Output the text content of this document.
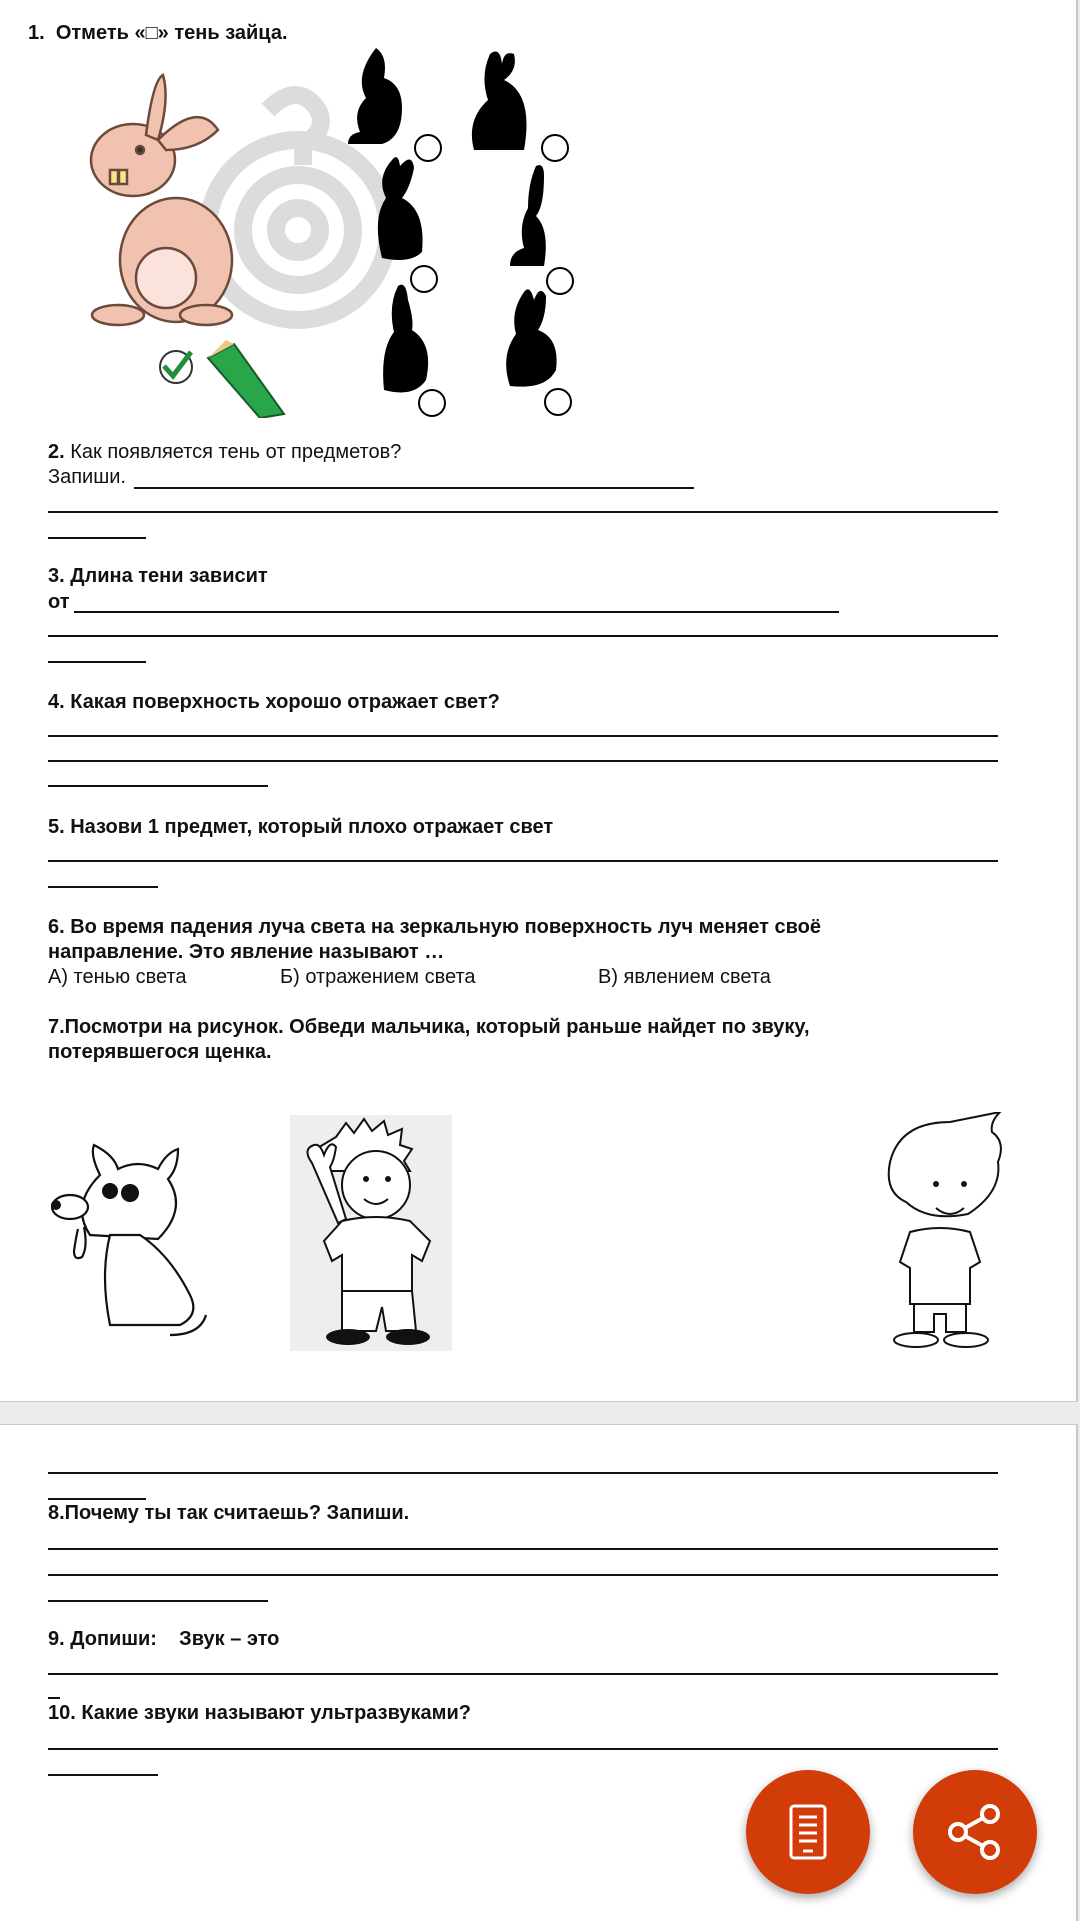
1. Отметь «□» тень зайца.
2. Как появляется тень от предметов?
Запиши.
3. Длина тени зависит
от
4. Какая поверхность хорошо отражает свет?
5. Назови 1 предмет, который плохо отражает свет
6. Во время падения луча света на зеркальную поверхность луч меняет своё
направление. Это явление называют …
А) тенью света	Б) отражением света	В) явлением света
7.Посмотри на рисунок. Обведи мальчика, который раньше найдет по звуку,
потерявшегося щенка.
8.Почему ты так считаешь? Запиши.
9. Допиши:    Звук – это
10. Какие звуки называют ультразвуками?
